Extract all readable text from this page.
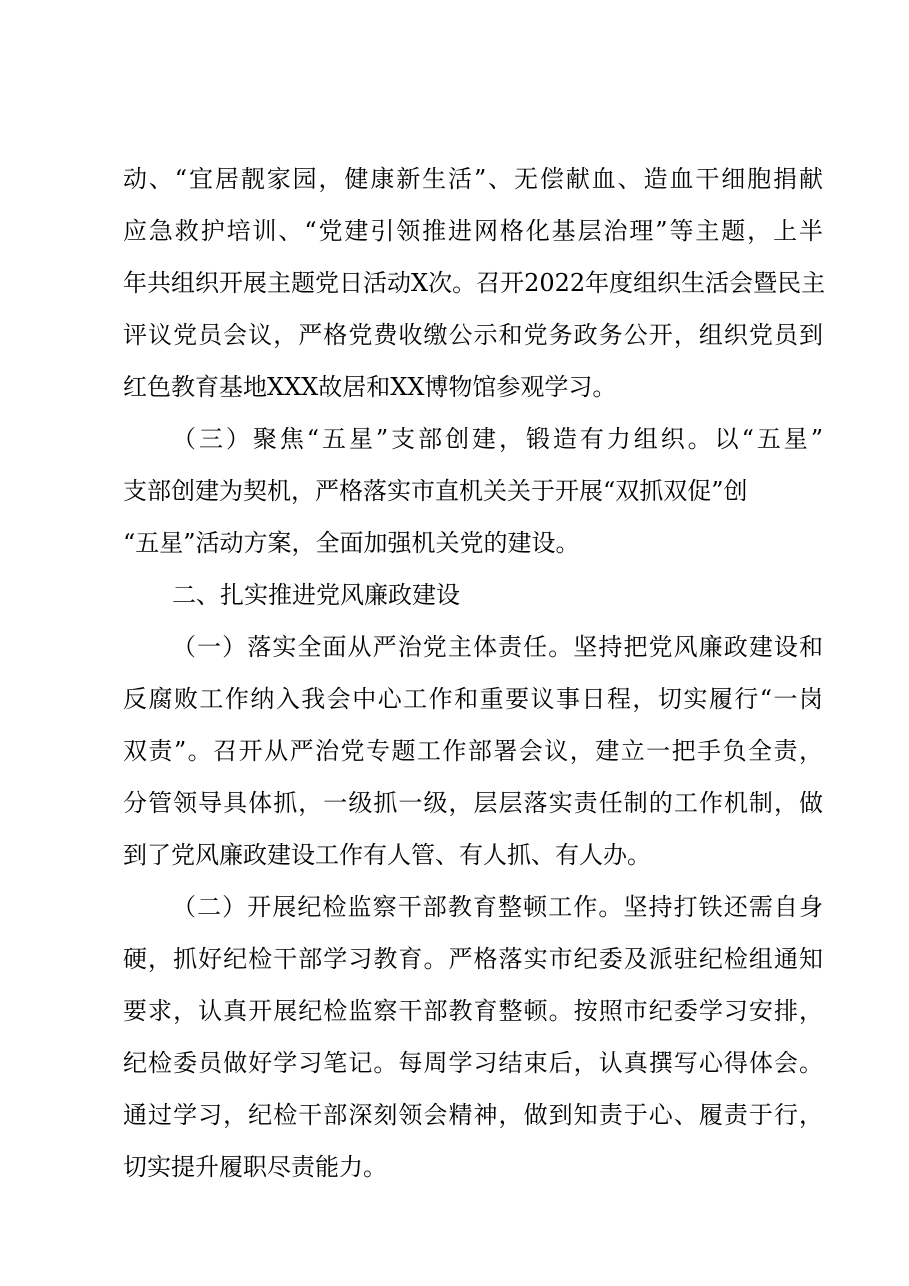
动、“宜居靓家园，健康新生活”、无偿献血、造血干细胞捐献
应急救护培训、“党建引领推进网格化基层治理”等主题，上半
年共组织开展主题党日活动X次。召开2022年度组织生活会暨民主
评议党员会议，严格党费收缴公示和党务政务公开，组织党员到
红色教育基地XXX故居和XX博物馆参观学习。
（三）聚焦“五星”支部创建，锻造有力组织。以“五星”
支部创建为契机，严格落实市直机关关于开展“双抓双促”创
“五星”活动方案，全面加强机关党的建设。
二、扎实推进党风廉政建设
（一）落实全面从严治党主体责任。坚持把党风廉政建设和
反腐败工作纳入我会中心工作和重要议事日程，切实履行“一岗
双责”。召开从严治党专题工作部署会议，建立一把手负全责，
分管领导具体抓，一级抓一级，层层落实责任制的工作机制，做
到了党风廉政建设工作有人管、有人抓、有人办。
（二）开展纪检监察干部教育整顿工作。坚持打铁还需自身
硬，抓好纪检干部学习教育。严格落实市纪委及派驻纪检组通知
要求，认真开展纪检监察干部教育整顿。按照市纪委学习安排，
纪检委员做好学习笔记。每周学习结束后，认真撰写心得体会。
通过学习，纪检干部深刻领会精神，做到知责于心、履责于行，
切实提升履职尽责能力。
